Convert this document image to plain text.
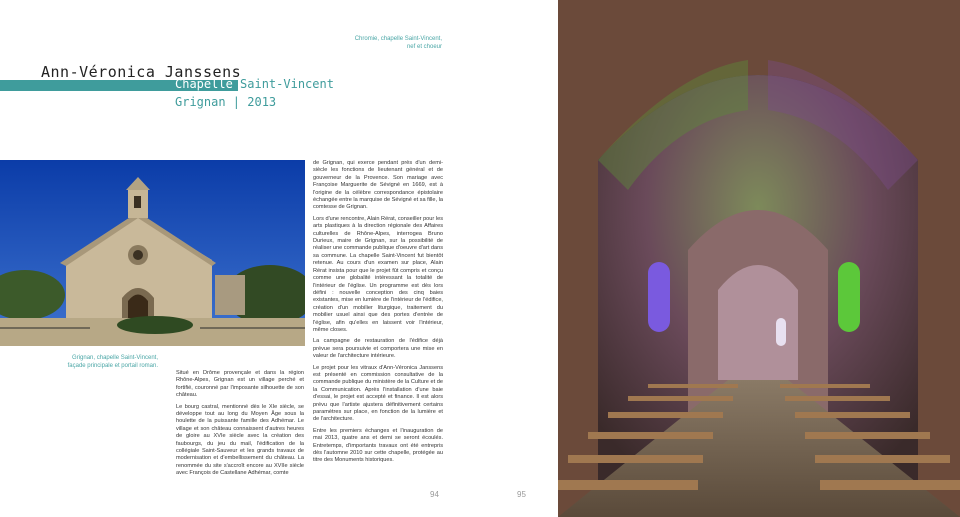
Chromie, chapelle Saint-Vincent,
nef et choeur
Ann-Véronica Janssens
Chapelle Saint-Vincent
Grignan | 2013
Grignan, chapelle Saint-Vincent,
façade principale et portail roman.

Situé en Drôme provençale et dans la région Rhône-Alpes, Grignan est un village perché et fortifié, couronné par l'imposante silhouette de son château.

Le bourg castral, mentionné dès le XIe siècle, se développe tout au long du Moyen Âge sous la houlette de la puissante famille des Adhémar. Le village et son château connaissent d'autres heures de gloire au XVIe siècle avec la création des faubourgs, du jeu du mail, l'édification de la collégiale Saint-Sauveur et les grands travaux de modernisation et d'embellissement du château. La renommée du site s'accroît encore au XVIIe siècle avec François de Castellane Adhémar, comte

de Grignan, qui exerce pendant près d'un demi-siècle les fonctions de lieutenant général et de gouverneur de la Provence. Son mariage avec Françoise Marguerite de Sévigné en 1669, est à l'origine de la célèbre correspondance épistolaire échangée entre la marquise de Sévigné et sa fille, la comtesse de Grignan.

Lors d'une rencontre, Alain Rérat, conseiller pour les arts plastiques à la direction régionale des Affaires culturelles de Rhône-Alpes, interrogea Bruno Durieux, maire de Grignan, sur la possibilité de réaliser une commande publique d'oeuvre d'art dans sa commune. La chapelle Saint-Vincent fut bientôt retenue. Au cours d'un examen sur place, Alain Rérat insista pour que le projet fût compris et conçu comme une globalité intéressant la totalité de l'intérieur de l'église. Un programme est dès lors défini : nouvelle conception des cinq baies existantes, mise en lumière de l'intérieur de l'édifice, création d'un mobilier liturgique, traitement du mobilier usuel ainsi que des portes d'entrée de l'église, afin qu'elles en laissent voir l'intérieur, même closes.

La campagne de restauration de l'édifice déjà prévue sera poursuivie et comportera une mise en valeur de l'architecture intérieure.

Le projet pour les vitraux d'Ann-Véronica Janssens est présenté en commission consultative de la commande publique du ministère de la Culture et de la Communication. Après l'installation d'une baie d'essai, le projet est accepté et finance. Il est alors prévu que l'artiste ajustera définitivement certains paramètres sur place, en fonction de la lumière et de l'architecture.

Entre les premiers échanges et l'inauguration de mai 2013, quatre ans et demi se seront écoulés. Entretemps, d'importants travaux ont été entrepris dès l'automne 2010 sur cette chapelle, protégée au titre des Monuments historiques.

94	95
